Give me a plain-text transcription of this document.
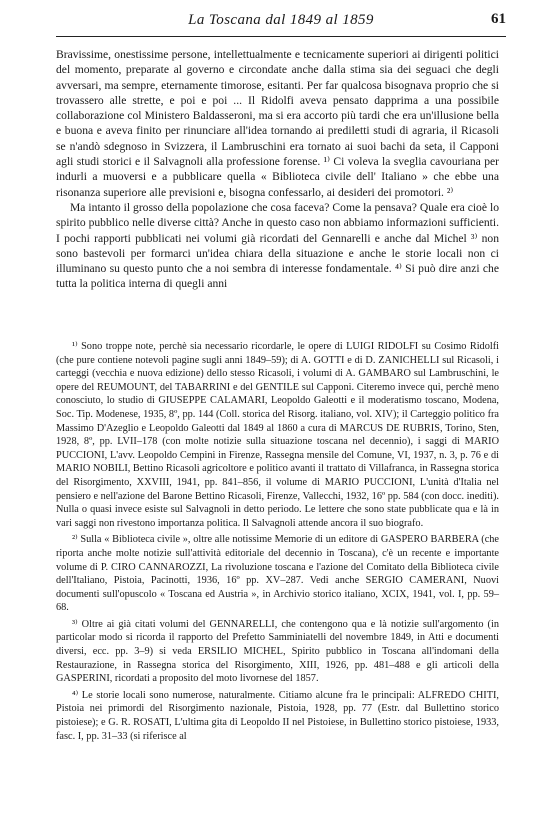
La Toscana dal 1849 al 1859	61

Bravissime, onestissime persone, intellettualmente e tecnicamente superiori ai dirigenti politici del momento, preparate al governo e circondate anche dalla stima sia dei seguaci che degli avversari, ma sempre, eternamente timorose, esitanti. Per far qualcosa bisognava proprio che si trovassero alle strette, e poi e poi ... Il Ridolfi aveva pensato dapprima a una possibile collaborazione col Ministero Baldasseroni, ma si era accorto più tardi che era un'illusione bella e buona e aveva finito per rinunciare all'idea tornando ai prediletti studi di agraria, il Ricasoli se n'andò sdegnoso in Svizzera, il Lambruschini era tornato ai suoi bachi da seta, il Capponi agli studi storici e il Salvagnoli alla professione forense. ¹⁾ Ci voleva la sveglia cavouriana per indurli a muoversi e a pubblicare quella « Biblioteca civile dell' Italiano » che ebbe una risonanza superiore alle previsioni e, bisogna confessarlo, ai desideri dei promotori. ²⁾

Ma intanto il grosso della popolazione che cosa faceva? Come la pensava? Quale era cioè lo spirito pubblico nelle diverse città? Anche in questo caso non abbiamo informazioni sufficienti. I pochi rapporti pubblicati nei volumi già ricordati del Gennarelli e anche dal Michel ³⁾ non sono bastevoli per formarci un'idea chiara della situazione e anche le storie locali non ci illuminano su questo punto che a noi sembra di interesse fondamentale. ⁴⁾ Si può dire anzi che tutta la politica interna di quegli anni

¹⁾ Sono troppe note, perchè sia necessario ricordarle, le opere di LUIGI RIDOLFI su Cosimo Ridolfi (che pure contiene notevoli pagine sugli anni 1849–59); di A. GOTTI e di D. ZANICHELLI sul Ricasoli, i carteggi (vecchia e nuova edizione) dello stesso Ricasoli, i volumi di A. GAMBARO sul Lambruschini, le opere del REUMOUNT, del TABARRINI e del GENTILE sul Capponi. Citeremo invece qui, perchè meno conosciuto, lo studio di GIUSEPPE CALAMARI, Leopoldo Galeotti e il moderatismo toscano, Modena, Soc. Tip. Modenese, 1935, 8º, pp. 144 (Coll. storica del Risorg. italiano, vol. XIV); il Carteggio politico fra Massimo D'Azeglio e Leopoldo Galeotti dal 1849 al 1860 a cura di MARCUS DE RUBRIS, Torino, Sten, 1928, 8º, pp. LVII–178 (con molte notizie sulla situazione toscana nel decennio), i saggi di MARIO PUCCIONI, L'avv. Leopoldo Cempini in Firenze, Rassegna mensile del Comune, VI, 1937, n. 3, p. 76 e di MARIO NOBILI, Bettino Ricasoli agricoltore e politico avanti il trattato di Villafranca, in Rassegna storica del Risorgimento, XXVIII, 1941, pp. 841–856, il volume di MARIO PUCCIONI, L'unità d'Italia nel pensiero e nell'azione del Barone Bettino Ricasoli, Firenze, Vallecchi, 1932, 16º pp. 584 (con docc. inediti). Nulla o quasi invece esiste sul Salvagnoli in detto periodo. Le lettere che sono state pubblicate qua e là in vari saggi non rivestono importanza politica. Il Salvagnoli attende ancora il suo biografo.

²⁾ Sulla « Biblioteca civile », oltre alle notissime Memorie di un editore di GASPERO BARBERA (che riporta anche molte notizie sull'attività editoriale del decennio in Toscana), c'è un recente e importante volume di P. CIRO CANNAROZZI, La rivoluzione toscana e l'azione del Comitato della Biblioteca civile dell'Italiano, Pistoia, Pacinotti, 1936, 16º pp. XV–287. Vedi anche SERGIO CAMERANI, Nuovi documenti sull'opuscolo « Toscana ed Austria », in Archivio storico italiano, XCIX, 1941, vol. I, pp. 59–68.

³⁾ Oltre ai già citati volumi del GENNARELLI, che contengono qua e là notizie sull'argomento (in particolar modo si ricorda il rapporto del Prefetto Samminiatelli del novembre 1849, in Atti e documenti diversi, ecc. pp. 3–9) si veda ERSILIO MICHEL, Spirito pubblico in Toscana all'indomani della Restaurazione, in Rassegna storica del Risorgimento, XIII, 1926, pp. 481–488 e gli articoli della GASPERINI, ricordati a proposito del moto livornese del 1857.

⁴⁾ Le storie locali sono numerose, naturalmente. Citiamo alcune fra le principali: ALFREDO CHITI, Pistoia nei primordi del Risorgimento nazionale, Pistoia, 1928, pp. 77 (Estr. dal Bullettino storico pistoiese); e G. R. ROSATI, L'ultima gita di Leopoldo II nel Pistoiese, in Bullettino storico pistoiese, 1933, fasc. I, pp. 31–33 (si riferisce al
